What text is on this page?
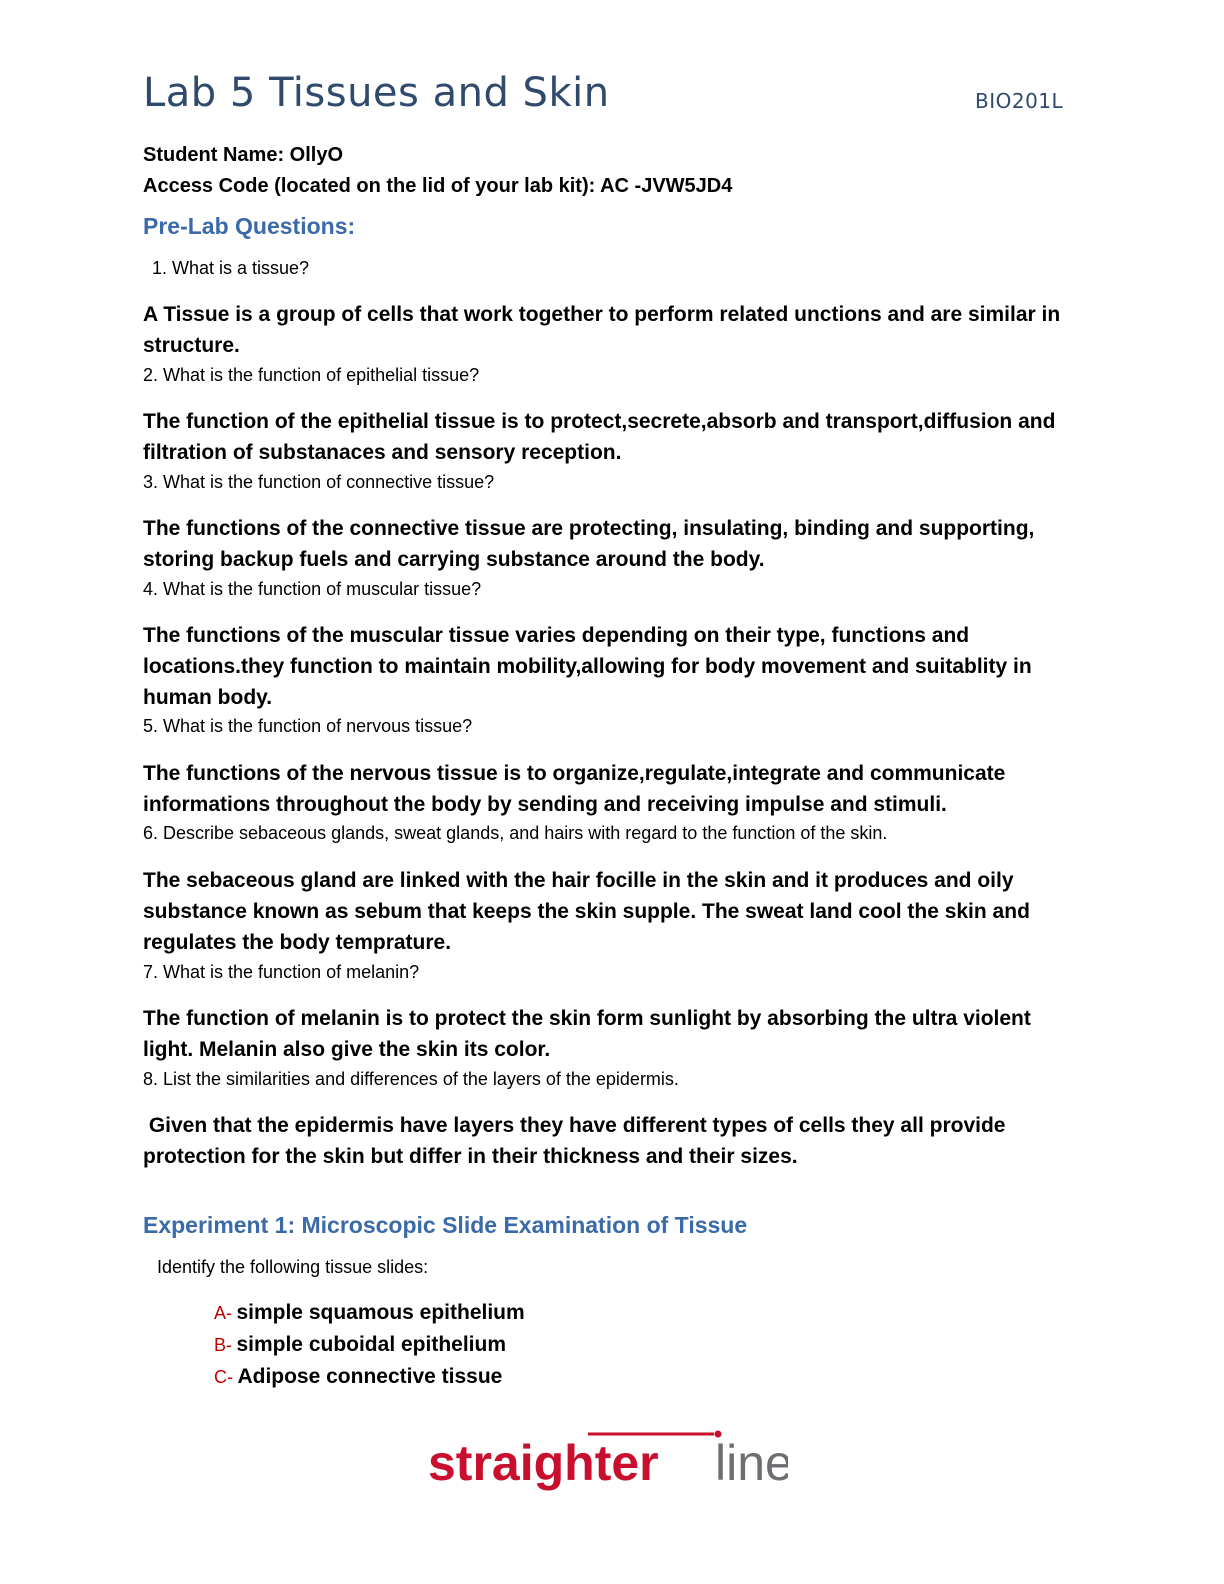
Lab 5 Tissues and Skin	BIO201L
Student Name: OllyO
Access Code (located on the lid of your lab kit): AC -JVW5JD4
Pre-Lab Questions:
1. What is a tissue?
A Tissue is a group of cells that work together to perform related unctions and are similar in
structure.
2. What is the function of epithelial tissue?
The function of the epithelial tissue is to protect,secrete,absorb and transport,diffusion and
filtration of substanaces and sensory reception.
3. What is the function of connective tissue?
The functions of the connective tissue are protecting, insulating, binding and supporting,
storing backup fuels and carrying substance around the body.
4. What is the function of muscular tissue?
The functions of the muscular tissue varies depending on their type, functions and
locations.they function to maintain mobility,allowing for body movement and suitablity in
human body.
5. What is the function of nervous tissue?
The functions of the nervous tissue is to organize,regulate,integrate and communicate
informations throughout the body by sending and receiving impulse and stimuli.
6. Describe sebaceous glands, sweat glands, and hairs with regard to the function of the skin.
The sebaceous gland are linked with the hair focille in the skin and it produces and oily
substance known as sebum that keeps the skin supple. The sweat land cool the skin and
regulates the body temprature.
7. What is the function of melanin?
The function of melanin is to protect the skin form sunlight by absorbing the ultra violent
light. Melanin also give the skin its color.
8. List the similarities and differences of the layers of the epidermis.
Given that the epidermis have layers they have different types of cells they all provide
protection for the skin but differ in their thickness and their sizes.
Experiment 1: Microscopic Slide Examination of Tissue
Identify the following tissue slides:
A- simple squamous epithelium
B- simple cuboidal epithelium
C- Adipose connective tissue
straighter line
